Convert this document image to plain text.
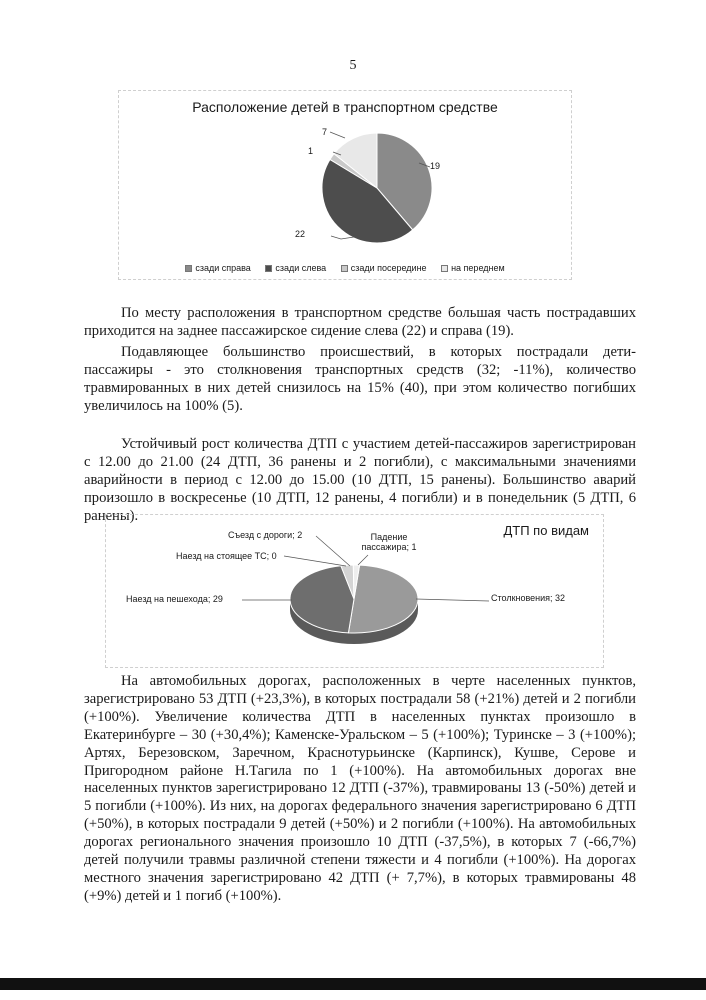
5
Расположение детей в транспортном средстве
19
22
1
7
сзади справа	сзади слева	сзади посередине	на переднем

По месту расположения в транспортном средстве большая часть пострадавших приходится на заднее пассажирское сидение слева (22) и справа (19).

Подавляющее большинство происшествий, в которых пострадали дети-пассажиры - это столкновения транспортных средств (32; -11%), количество травмированных в них детей снизилось на 15% (40), при этом количество погибших увеличилось на 100% (5).

Устойчивый рост количества ДТП с участием детей-пассажиров зарегистрирован с 12.00 до 21.00 (24 ДТП, 36 ранены и 2 погибли), с максимальными значениями аварийности в период с 12.00 до 15.00 (10 ДТП, 15 ранены). Большинство аварий произошло в воскресенье (10 ДТП, 12 ранены, 4 погибли) и в понедельник (5 ДТП, 6 ранены).

ДТП по видам
Столкновения; 32
Наезд на пешехода; 29
Наезд на стоящее ТС; 0
Съезд с дороги; 2	Падение пассажира; 1

На автомобильных дорогах, расположенных в черте населенных пунктов, зарегистрировано 53 ДТП (+23,3%), в которых пострадали 58 (+21%) детей и 2 погибли (+100%). Увеличение количества ДТП в населенных пунктах произошло в Екатеринбурге – 30 (+30,4%); Каменске-Уральском – 5 (+100%); Туринске – 3 (+100%); Артях, Березовском, Заречном, Краснотурьинске (Карпинск), Кушве, Серове и Пригородном районе Н.Тагила по 1 (+100%). На автомобильных дорогах вне населенных пунктов зарегистрировано 12 ДТП (-37%), травмированы 13 (-50%) детей и 5 погибли (+100%). Из них, на дорогах федерального значения зарегистрировано 6 ДТП (+50%), в которых пострадали 9 детей (+50%) и 2 погибли (+100%). На автомобильных дорогах регионального значения произошло 10 ДТП (-37,5%), в которых 7 (-66,7%) детей получили травмы различной степени тяжести и 4 погибли (+100%). На дорогах местного значения зарегистрировано 42 ДТП (+ 7,7%), в которых травмированы 48 (+9%) детей и 1 погиб (+100%).
